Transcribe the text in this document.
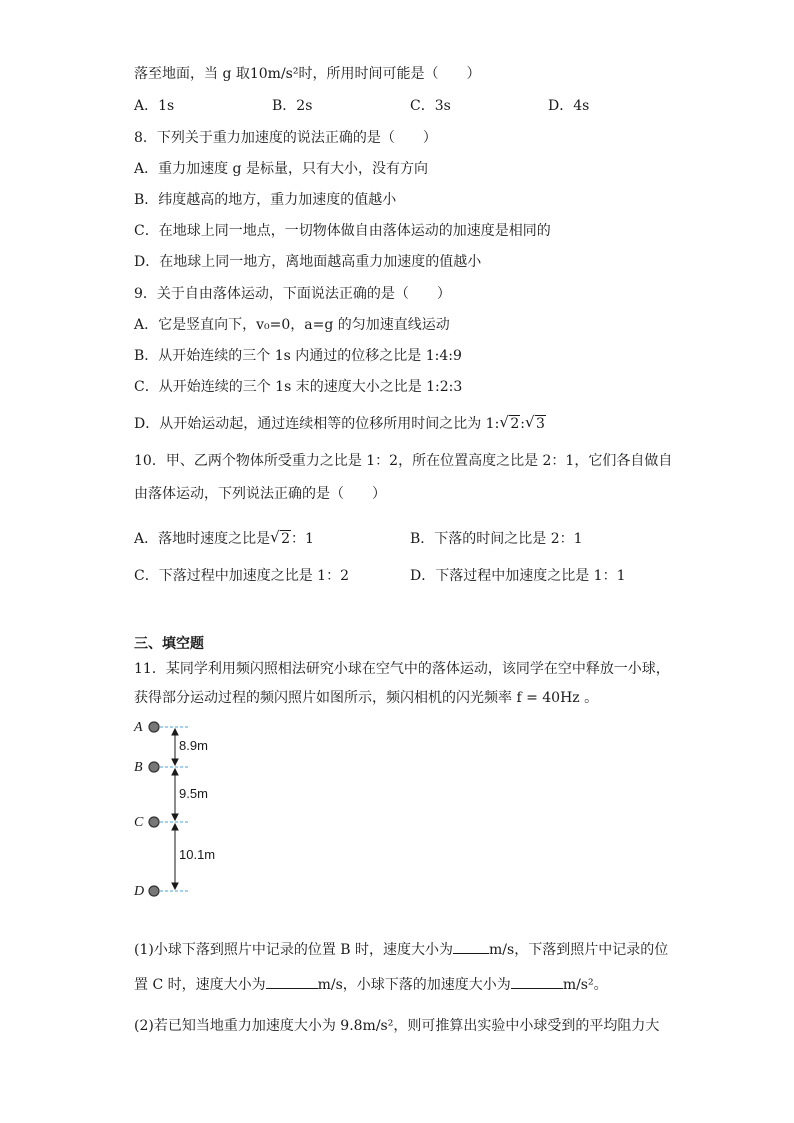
落至地面，当 g 取10m/s²时，所用时间可能是（　　）
A．1s	B．2s	C．3s	D．4s
8．下列关于重力加速度的说法正确的是（　　）
A．重力加速度 g 是标量，只有大小，没有方向
B．纬度越高的地方，重力加速度的值越小
C．在地球上同一地点，一切物体做自由落体运动的加速度是相同的
D．在地球上同一地方，离地面越高重力加速度的值越小
9．关于自由落体运动，下面说法正确的是（　　）
A．它是竖直向下，v₀=0，a=g 的匀加速直线运动
B．从开始连续的三个 1s 内通过的位移之比是 1:4:9
C．从开始连续的三个 1s 末的速度大小之比是 1:2:3
D．从开始运动起，通过连续相等的位移所用时间之比为 1: √ 2: √ 3
10．甲、乙两个物体所受重力之比是 1：2，所在位置高度之比是 2：1，它们各自做自
由落体运动，下列说法正确的是（　　）
A．落地时速度之比是 √ 2：1	B．下落的时间之比是 2：1
C．下落过程中加速度之比是 1：2	D．下落过程中加速度之比是 1：1
三、填空题
11．某同学利用频闪照相法研究小球在空气中的落体运动，该同学在空中释放一小球，
获得部分运动过程的频闪照片如图所示，频闪相机的闪光频率 f = 40Hz 。
A
B
C
D
8.9m
9.5m
10.1m
(1)小球下落到照片中记录的位置 B 时，速度大小为	m/s，下落到照片中记录的位
置 C 时，速度大小为	m/s，小球下落的加速度大小为	m/s²。
(2)若已知当地重力加速度大小为 9.8m/s²，则可推算出实验中小球受到的平均阻力大
